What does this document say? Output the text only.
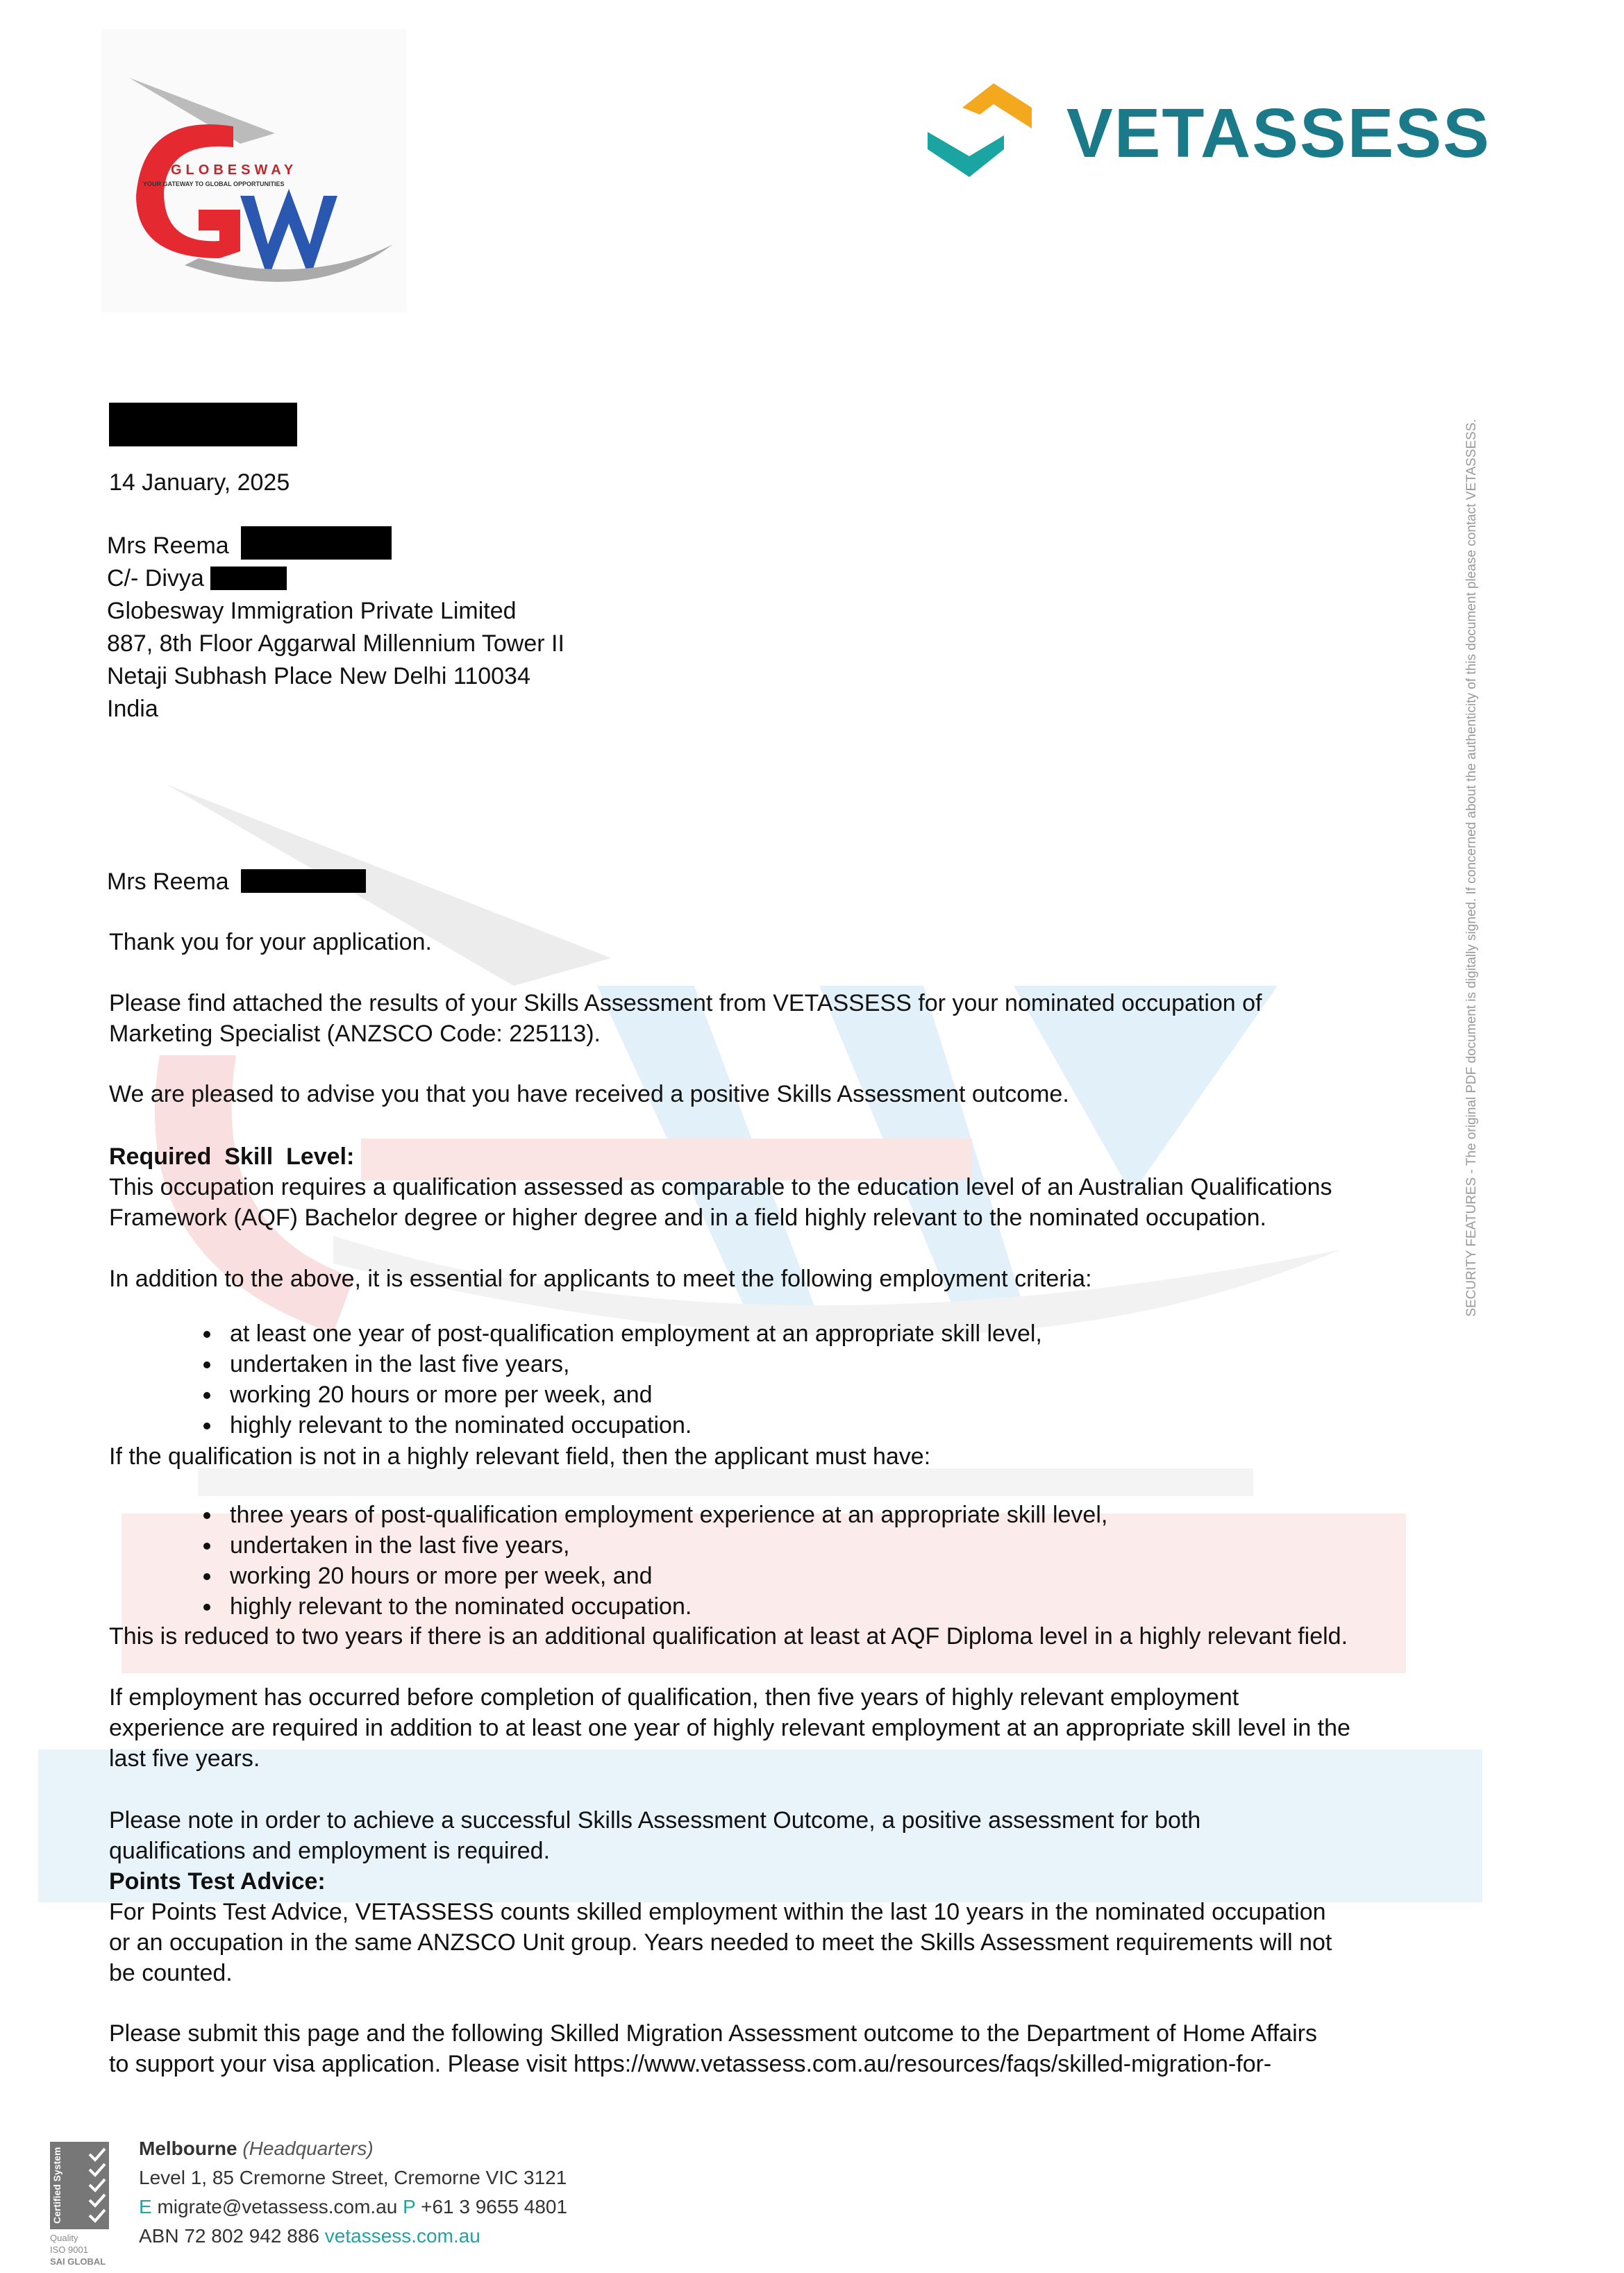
GLOBESWAY
YOUR GATEWAY TO GLOBAL OPPORTUNITIES
VETASSESS
SECURITY FEATURES - The original PDF document is digitally signed. If concerned about the authenticity of this document please contact VETASSESS.
14 January, 2025
Mrs Reema
C/- Divya
Globesway Immigration Private Limited
887, 8th Floor Aggarwal Millennium Tower II
Netaji Subhash Place New Delhi 110034
India
Mrs Reema
Thank you for your application.
Please find attached the results of your Skills Assessment from VETASSESS for your nominated occupation of
Marketing Specialist (ANZSCO Code: 225113).
We are pleased to advise you that you have received a positive Skills Assessment outcome.
Required  Skill  Level:
This occupation requires a qualification assessed as comparable to the education level of an Australian Qualifications
Framework (AQF) Bachelor degree or higher degree and in a field highly relevant to the nominated occupation.
In addition to the above, it is essential for applicants to meet the following employment criteria:
at least one year of post-qualification employment at an appropriate skill level,
undertaken in the last five years,
working 20 hours or more per week, and
highly relevant to the nominated occupation.
If the qualification is not in a highly relevant field, then the applicant must have:
three years of post-qualification employment experience at an appropriate skill level,
undertaken in the last five years,
working 20 hours or more per week, and
highly relevant to the nominated occupation.
This is reduced to two years if there is an additional qualification at least at AQF Diploma level in a highly relevant field.
If employment has occurred before completion of qualification, then five years of highly relevant employment
experience are required in addition to at least one year of highly relevant employment at an appropriate skill level in the
last five years.
Please note in order to achieve a successful Skills Assessment Outcome, a positive assessment for both
qualifications and employment is required.
Points Test Advice:
For Points Test Advice, VETASSESS counts skilled employment within the last 10 years in the nominated occupation
or an occupation in the same ANZSCO Unit group. Years needed to meet the Skills Assessment requirements will not
be counted.
Please submit this page and the following Skilled Migration Assessment outcome to the Department of Home Affairs
to support your visa application. Please visit https://www.vetassess.com.au/resources/faqs/skilled-migration-for-
Certified System
Quality
ISO 9001
SAI GLOBAL
Melbourne (Headquarters)
Level 1, 85 Cremorne Street, Cremorne VIC 3121
E migrate@vetassess.com.au P +61 3 9655 4801
ABN 72 802 942 886 vetassess.com.au
